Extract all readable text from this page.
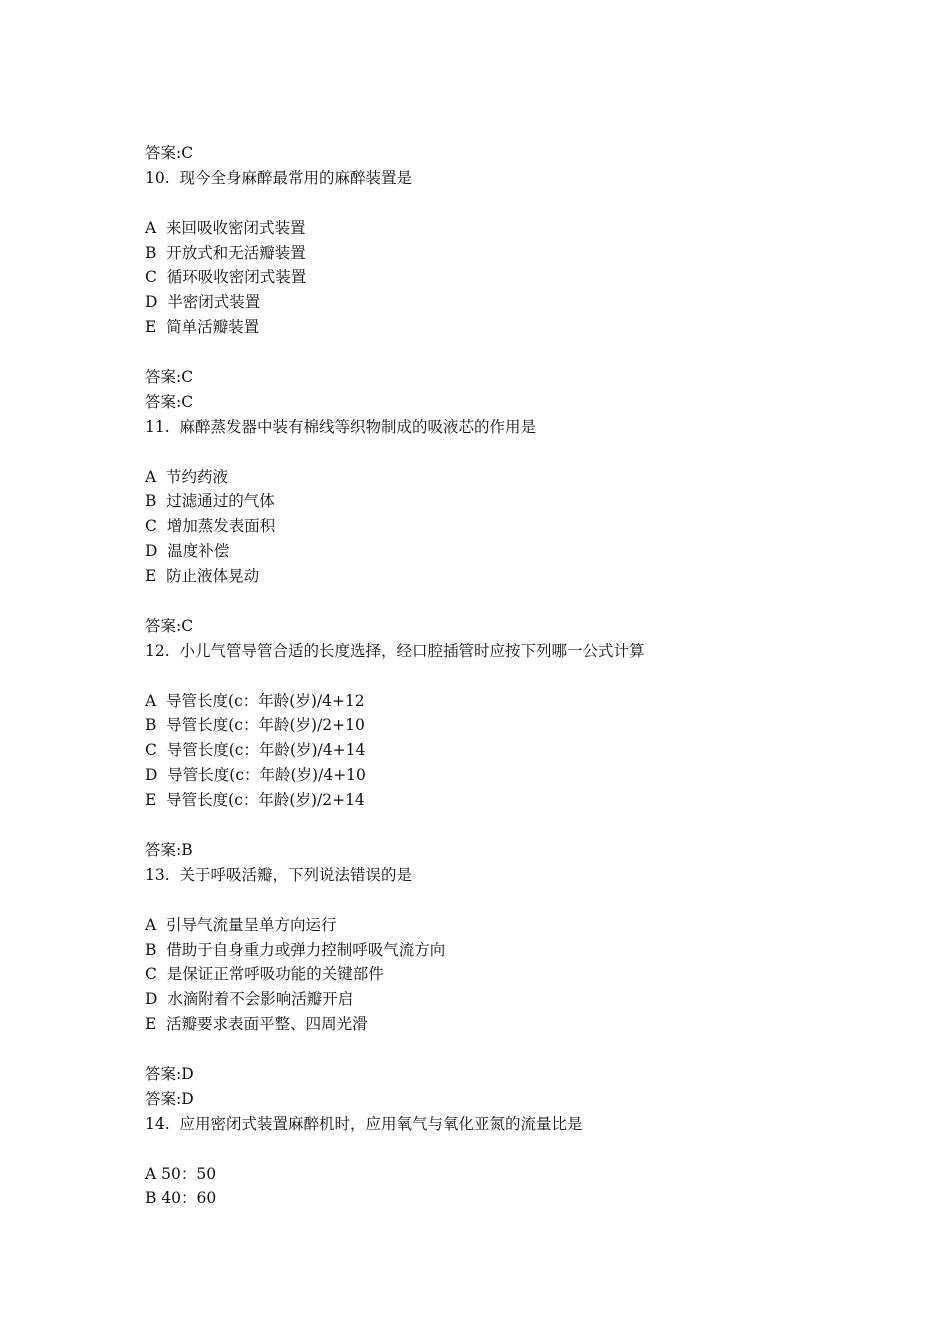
答案:C
10.  现今全身麻醉最常用的麻醉装置是
A  来回吸收密闭式装置
B  开放式和无活瓣装置
C  循环吸收密闭式装置
D  半密闭式装置
E  简单活瓣装置
答案:C
答案:C
11.  麻醉蒸发器中装有棉线等织物制成的吸液芯的作用是
A  节约药液
B  过滤通过的气体
C  增加蒸发表面积
D  温度补偿
E  防止液体晃动
答案:C
12.  小儿气管导管合适的长度选择，经口腔插管时应按下列哪一公式计算
A  导管长度(c：年龄(岁)/4+12
B  导管长度(c：年龄(岁)/2+10
C  导管长度(c：年龄(岁)/4+14
D  导管长度(c：年龄(岁)/4+10
E  导管长度(c：年龄(岁)/2+14
答案:B
13.  关于呼吸活瓣，下列说法错误的是
A  引导气流量呈单方向运行
B  借助于自身重力或弹力控制呼吸气流方向
C  是保证正常呼吸功能的关键部件
D  水滴附着不会影响活瓣开启
E  活瓣要求表面平整、四周光滑
答案:D
答案:D
14.  应用密闭式装置麻醉机时，应用氧气与氧化亚氮的流量比是
A 50：50
B 40：60
